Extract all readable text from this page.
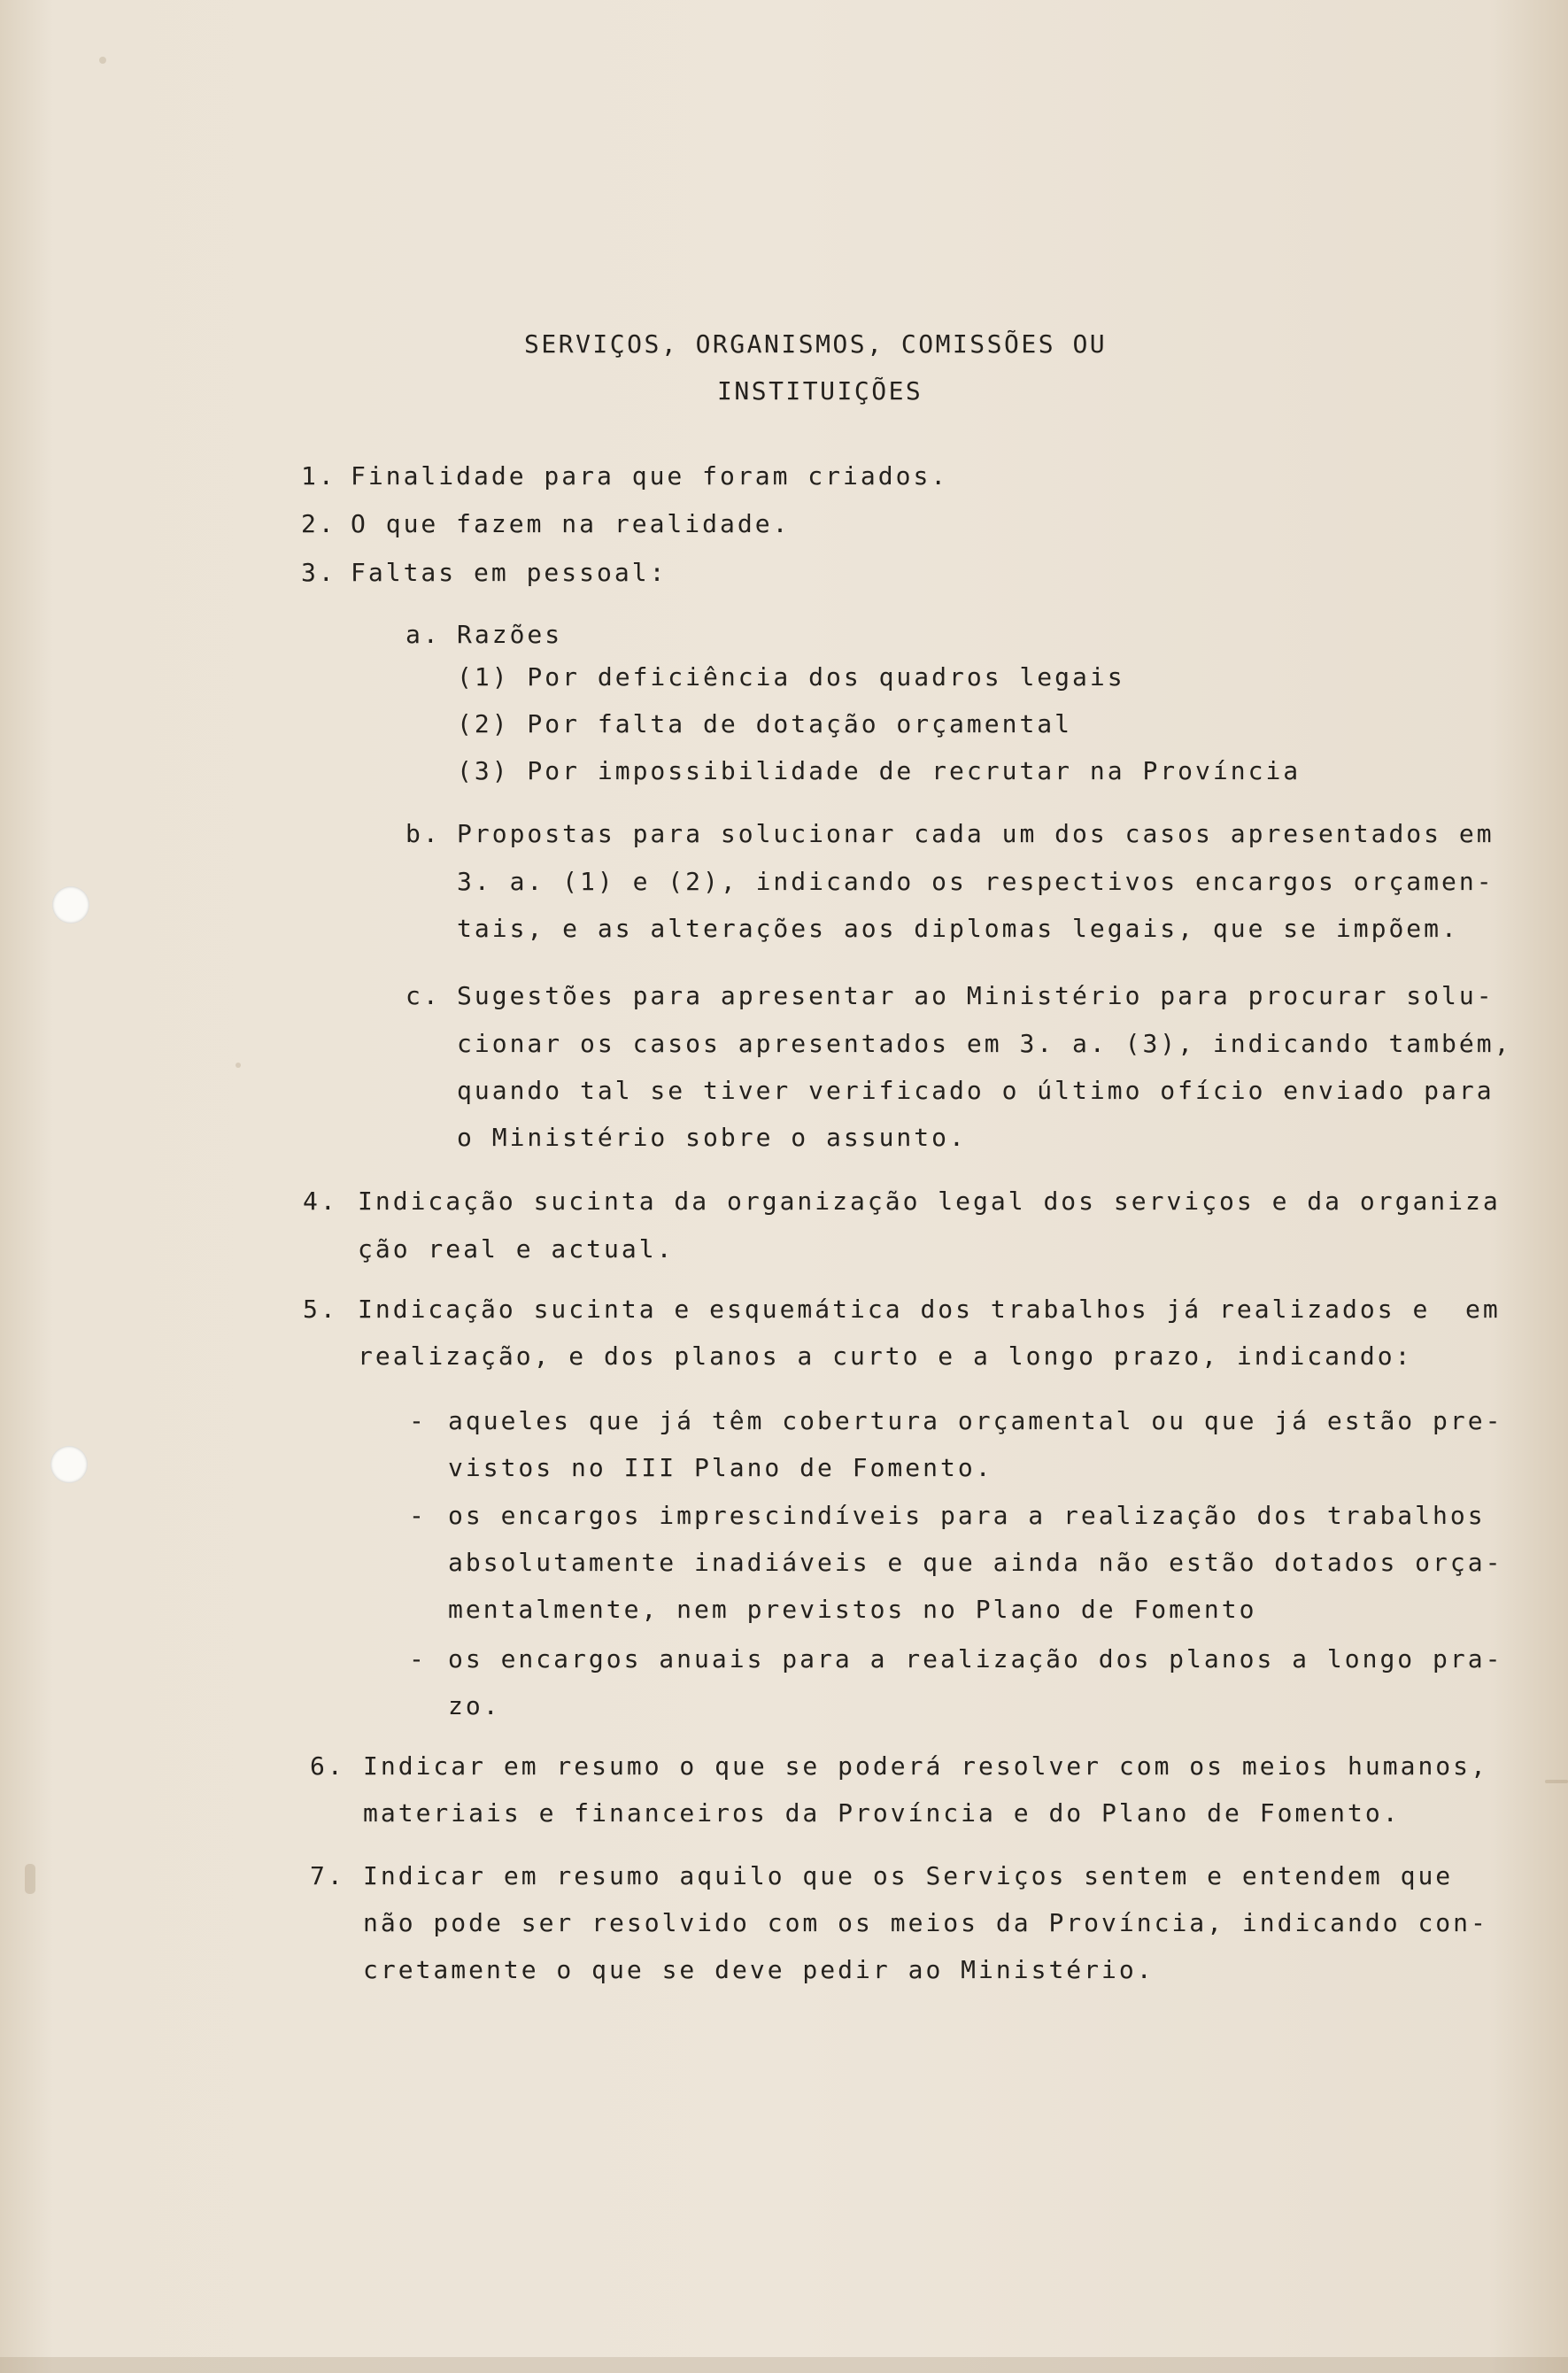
SERVIÇOS, ORGANISMOS, COMISSÕES OU
INSTITUIÇÕES
1. Finalidade para que foram criados.
2. O que fazem na realidade.
3. Faltas em pessoal:
a. Razões
(1) Por deficiência dos quadros legais
(2) Por falta de dotação orçamental
(3) Por impossibilidade de recrutar na Província
b. Propostas para solucionar cada um dos casos apresentados em
3. a. (1) e (2), indicando os respectivos encargos orçamen-
tais, e as alterações aos diplomas legais, que se impõem.
c. Sugestões para apresentar ao Ministério para procurar solu-
cionar os casos apresentados em 3. a. (3), indicando também,
quando tal se tiver verificado o último ofício enviado para
o Ministério sobre o assunto.
4. Indicação sucinta da organização legal dos serviços e da organiza
ção real e actual.
5. Indicação sucinta e esquemática dos trabalhos já realizados e  em
realização, e dos planos a curto e a longo prazo, indicando:
- aqueles que já têm cobertura orçamental ou que já estão pre-
vistos no III Plano de Fomento.
- os encargos imprescindíveis para a realização dos trabalhos
absolutamente inadiáveis e que ainda não estão dotados orça-
mentalmente, nem previstos no Plano de Fomento
- os encargos anuais para a realização dos planos a longo pra-
zo.
6. Indicar em resumo o que se poderá resolver com os meios humanos,
materiais e financeiros da Província e do Plano de Fomento.
7. Indicar em resumo aquilo que os Serviços sentem e entendem que
não pode ser resolvido com os meios da Província, indicando con-
cretamente o que se deve pedir ao Ministério.
